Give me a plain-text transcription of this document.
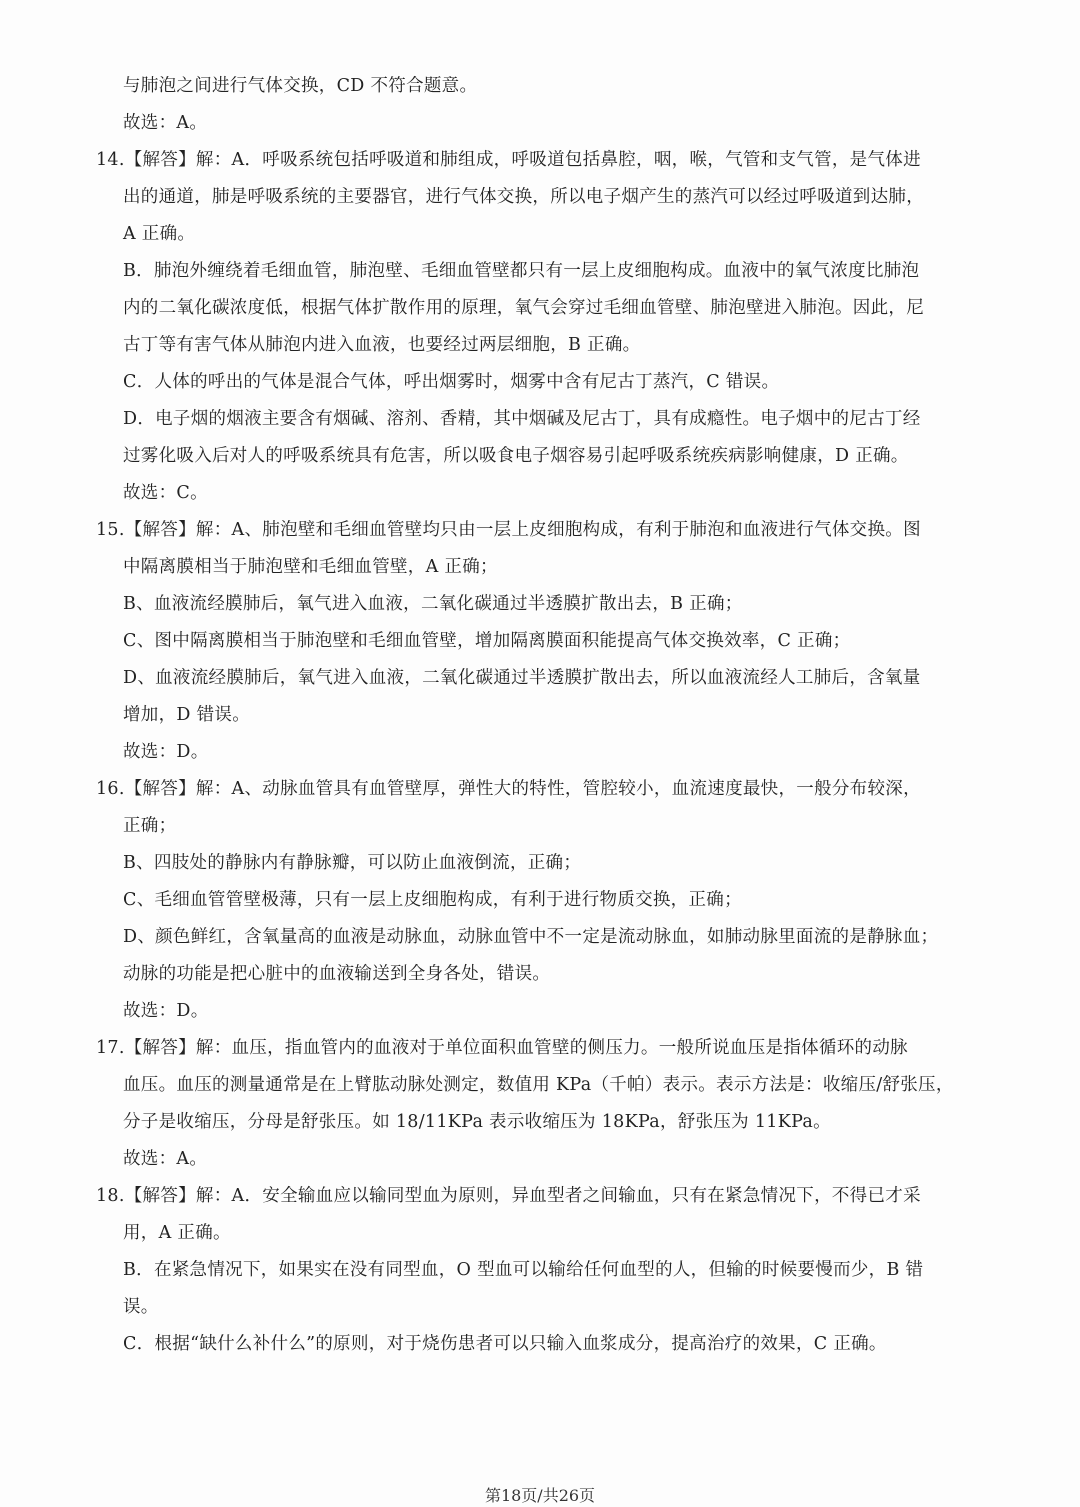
与肺泡之间进行气体交换，CD 不符合题意。
故选：A。
14.【解答】解：A．呼吸系统包括呼吸道和肺组成，呼吸道包括鼻腔，咽，喉，气管和支气管，是气体进
出的通道，肺是呼吸系统的主要器官，进行气体交换，所以电子烟产生的蒸汽可以经过呼吸道到达肺，
A 正确。
B．肺泡外缠绕着毛细血管，肺泡壁、毛细血管壁都只有一层上皮细胞构成。血液中的氧气浓度比肺泡
内的二氧化碳浓度低，根据气体扩散作用的原理，氧气会穿过毛细血管壁、肺泡壁进入肺泡。因此，尼
古丁等有害气体从肺泡内进入血液，也要经过两层细胞，B 正确。
C．人体的呼出的气体是混合气体，呼出烟雾时，烟雾中含有尼古丁蒸汽，C 错误。
D．电子烟的烟液主要含有烟碱、溶剂、香精，其中烟碱及尼古丁，具有成瘾性。电子烟中的尼古丁经
过雾化吸入后对人的呼吸系统具有危害，所以吸食电子烟容易引起呼吸系统疾病影响健康，D 正确。
故选：C。
15.【解答】解：A、肺泡壁和毛细血管壁均只由一层上皮细胞构成，有利于肺泡和血液进行气体交换。图
中隔离膜相当于肺泡壁和毛细血管壁，A 正确；
B、血液流经膜肺后，氧气进入血液，二氧化碳通过半透膜扩散出去，B 正确；
C、图中隔离膜相当于肺泡壁和毛细血管壁，增加隔离膜面积能提高气体交换效率，C 正确；
D、血液流经膜肺后，氧气进入血液，二氧化碳通过半透膜扩散出去，所以血液流经人工肺后，含氧量
增加，D 错误。
故选：D。
16.【解答】解：A、动脉血管具有血管壁厚，弹性大的特性，管腔较小，血流速度最快，一般分布较深，
正确；
B、四肢处的静脉内有静脉瓣，可以防止血液倒流，正确；
C、毛细血管管壁极薄，只有一层上皮细胞构成，有利于进行物质交换，正确；
D、颜色鲜红，含氧量高的血液是动脉血，动脉血管中不一定是流动脉血，如肺动脉里面流的是静脉血；
动脉的功能是把心脏中的血液输送到全身各处，错误。
故选：D。
17.【解答】解：血压，指血管内的血液对于单位面积血管壁的侧压力。一般所说血压是指体循环的动脉
血压。血压的测量通常是在上臂肱动脉处测定，数值用 KPa（千帕）表示。表示方法是：收缩压/舒张压，
分子是收缩压，分母是舒张压。如 18/11KPa 表示收缩压为 18KPa，舒张压为 11KPa。
故选：A。
18.【解答】解：A．安全输血应以输同型血为原则，异血型者之间输血，只有在紧急情况下，不得已才采
用，A 正确。
B．在紧急情况下，如果实在没有同型血，O 型血可以输给任何血型的人，但输的时候要慢而少，B 错
误。
C．根据“缺什么补什么”的原则，对于烧伤患者可以只输入血浆成分，提高治疗的效果，C 正确。
第18页/共26页
